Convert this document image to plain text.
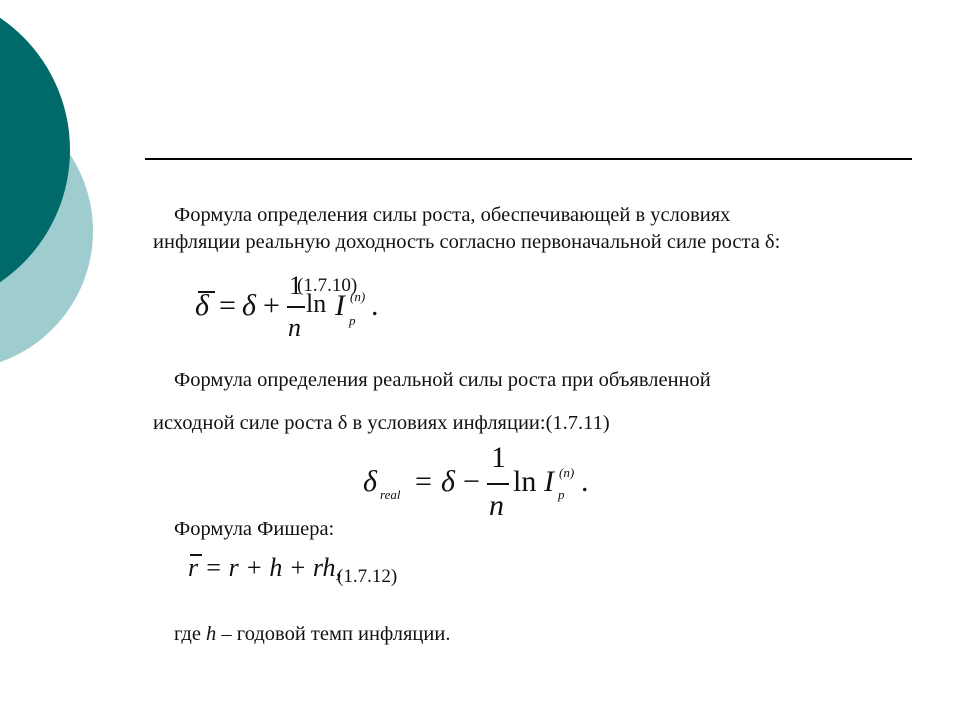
Формула определения силы роста, обеспечивающей в условиях
инфляции реальную доходность согласно первоначальной силе роста δ:
δ = δ +
1
n
ln I (n)
p .
(1.7.10)
Формула определения реальной силы роста при объявленной
исходной силе роста δ в условиях инфляции:(1.7.11)
δ real = δ −
1
n
ln I (n)
p .
Формула Фишера:
r = r + h + rh,
(1.7.12)
где h – годовой темп инфляции.
